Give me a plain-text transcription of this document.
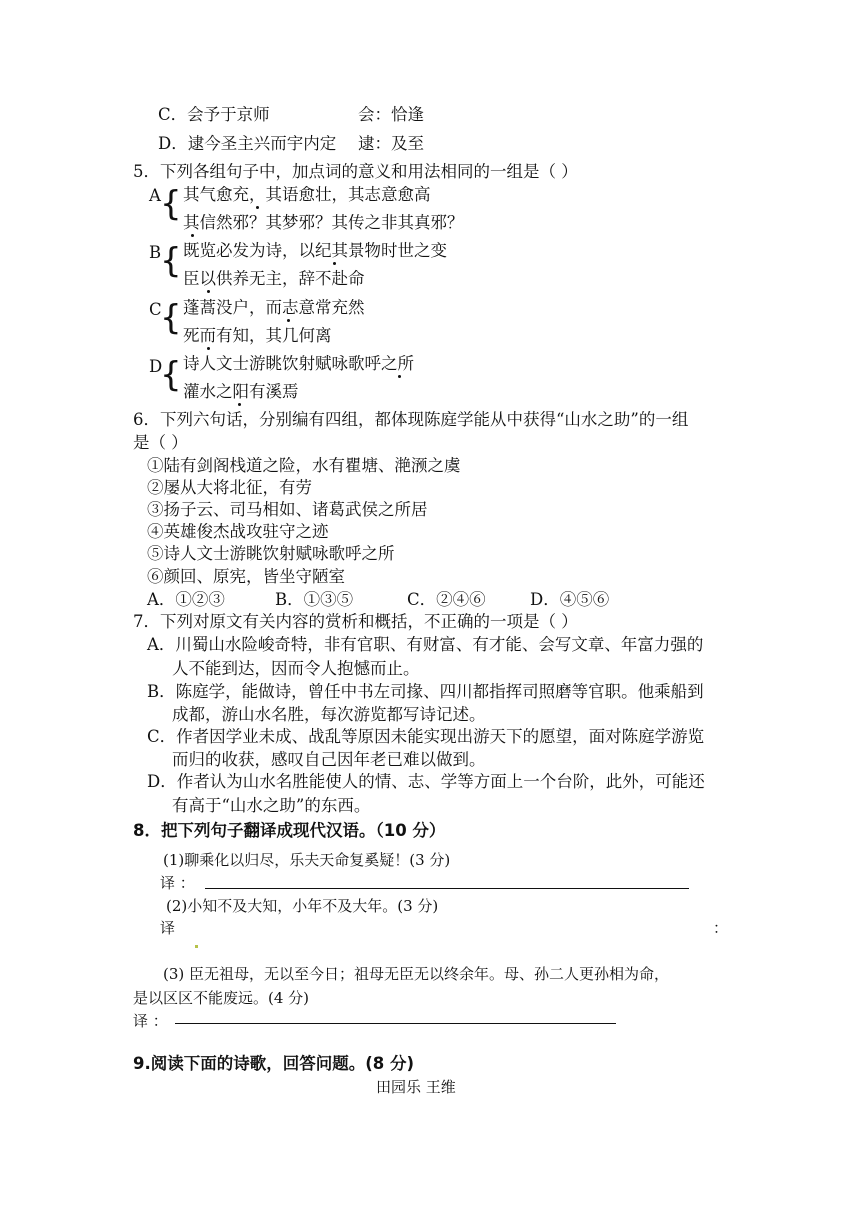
C．会予于京师	会：恰逢
D．逮今圣主兴而宇内定 逮：及至
5．下列各组句子中，加点词的意义和用法相同的一组是（ ）
A { 其气愈充，其语愈壮，其志意愈高
其信然邪？其梦邪？其传之非其真邪？
B
{ 既览必发为诗，以纪其景物时世之变
臣以供养无主，辞不赴命
C
{ 蓬蒿没户，而志意常充然
死而有知，其几何离
D
{ 诗人文士游眺饮射赋咏歌呼之所
灌水之阳有溪焉
6．下列六句话，分别编有四组，都体现陈庭学能从中获得“山水之助”的一组
是（ ）
①陆有剑阁栈道之险，水有瞿塘、滟滪之虞
②屡从大将北征，有劳
③扬子云、司马相如、诸葛武侯之所居
④英雄俊杰战攻驻守之迹
⑤诗人文士游眺饮射赋咏歌呼之所
⑥颜回、原宪，皆坐守陋室
A．①②③	B．①③⑤	C．②④⑥	D．④⑤⑥
7．下列对原文有关内容的赏析和概括，不正确的一项是（ ）
A．川蜀山水险峻奇特，非有官职、有财富、有才能、会写文章、年富力强的
人不能到达，因而令人抱憾而止。
B．陈庭学，能做诗，曾任中书左司掾、四川都指挥司照磨等官职。他乘船到
成都，游山水名胜，每次游览都写诗记述。
C．作者因学业未成、战乱等原因未能实现出游天下的愿望，面对陈庭学游览
而归的收获，感叹自己因年老已难以做到。
D．作者认为山水名胜能使人的情、志、学等方面上一个台阶，此外，可能还
有高于“山水之助”的东西。
8．把下列句子翻译成现代汉语。（10 分）
(1)聊乘化以归尽，乐夫天命复奚疑！(3 分)
译 ：
(2)小知不及大知，小年不及大年。(3 分)
译	：
(3) 臣无祖母，无以至今日；祖母无臣无以终余年。母、孙二人更孙相为命，
是以区区不能废远。(4 分)
译 ：
9.阅读下面的诗歌，回答问题。(8 分)
田园乐 王维
